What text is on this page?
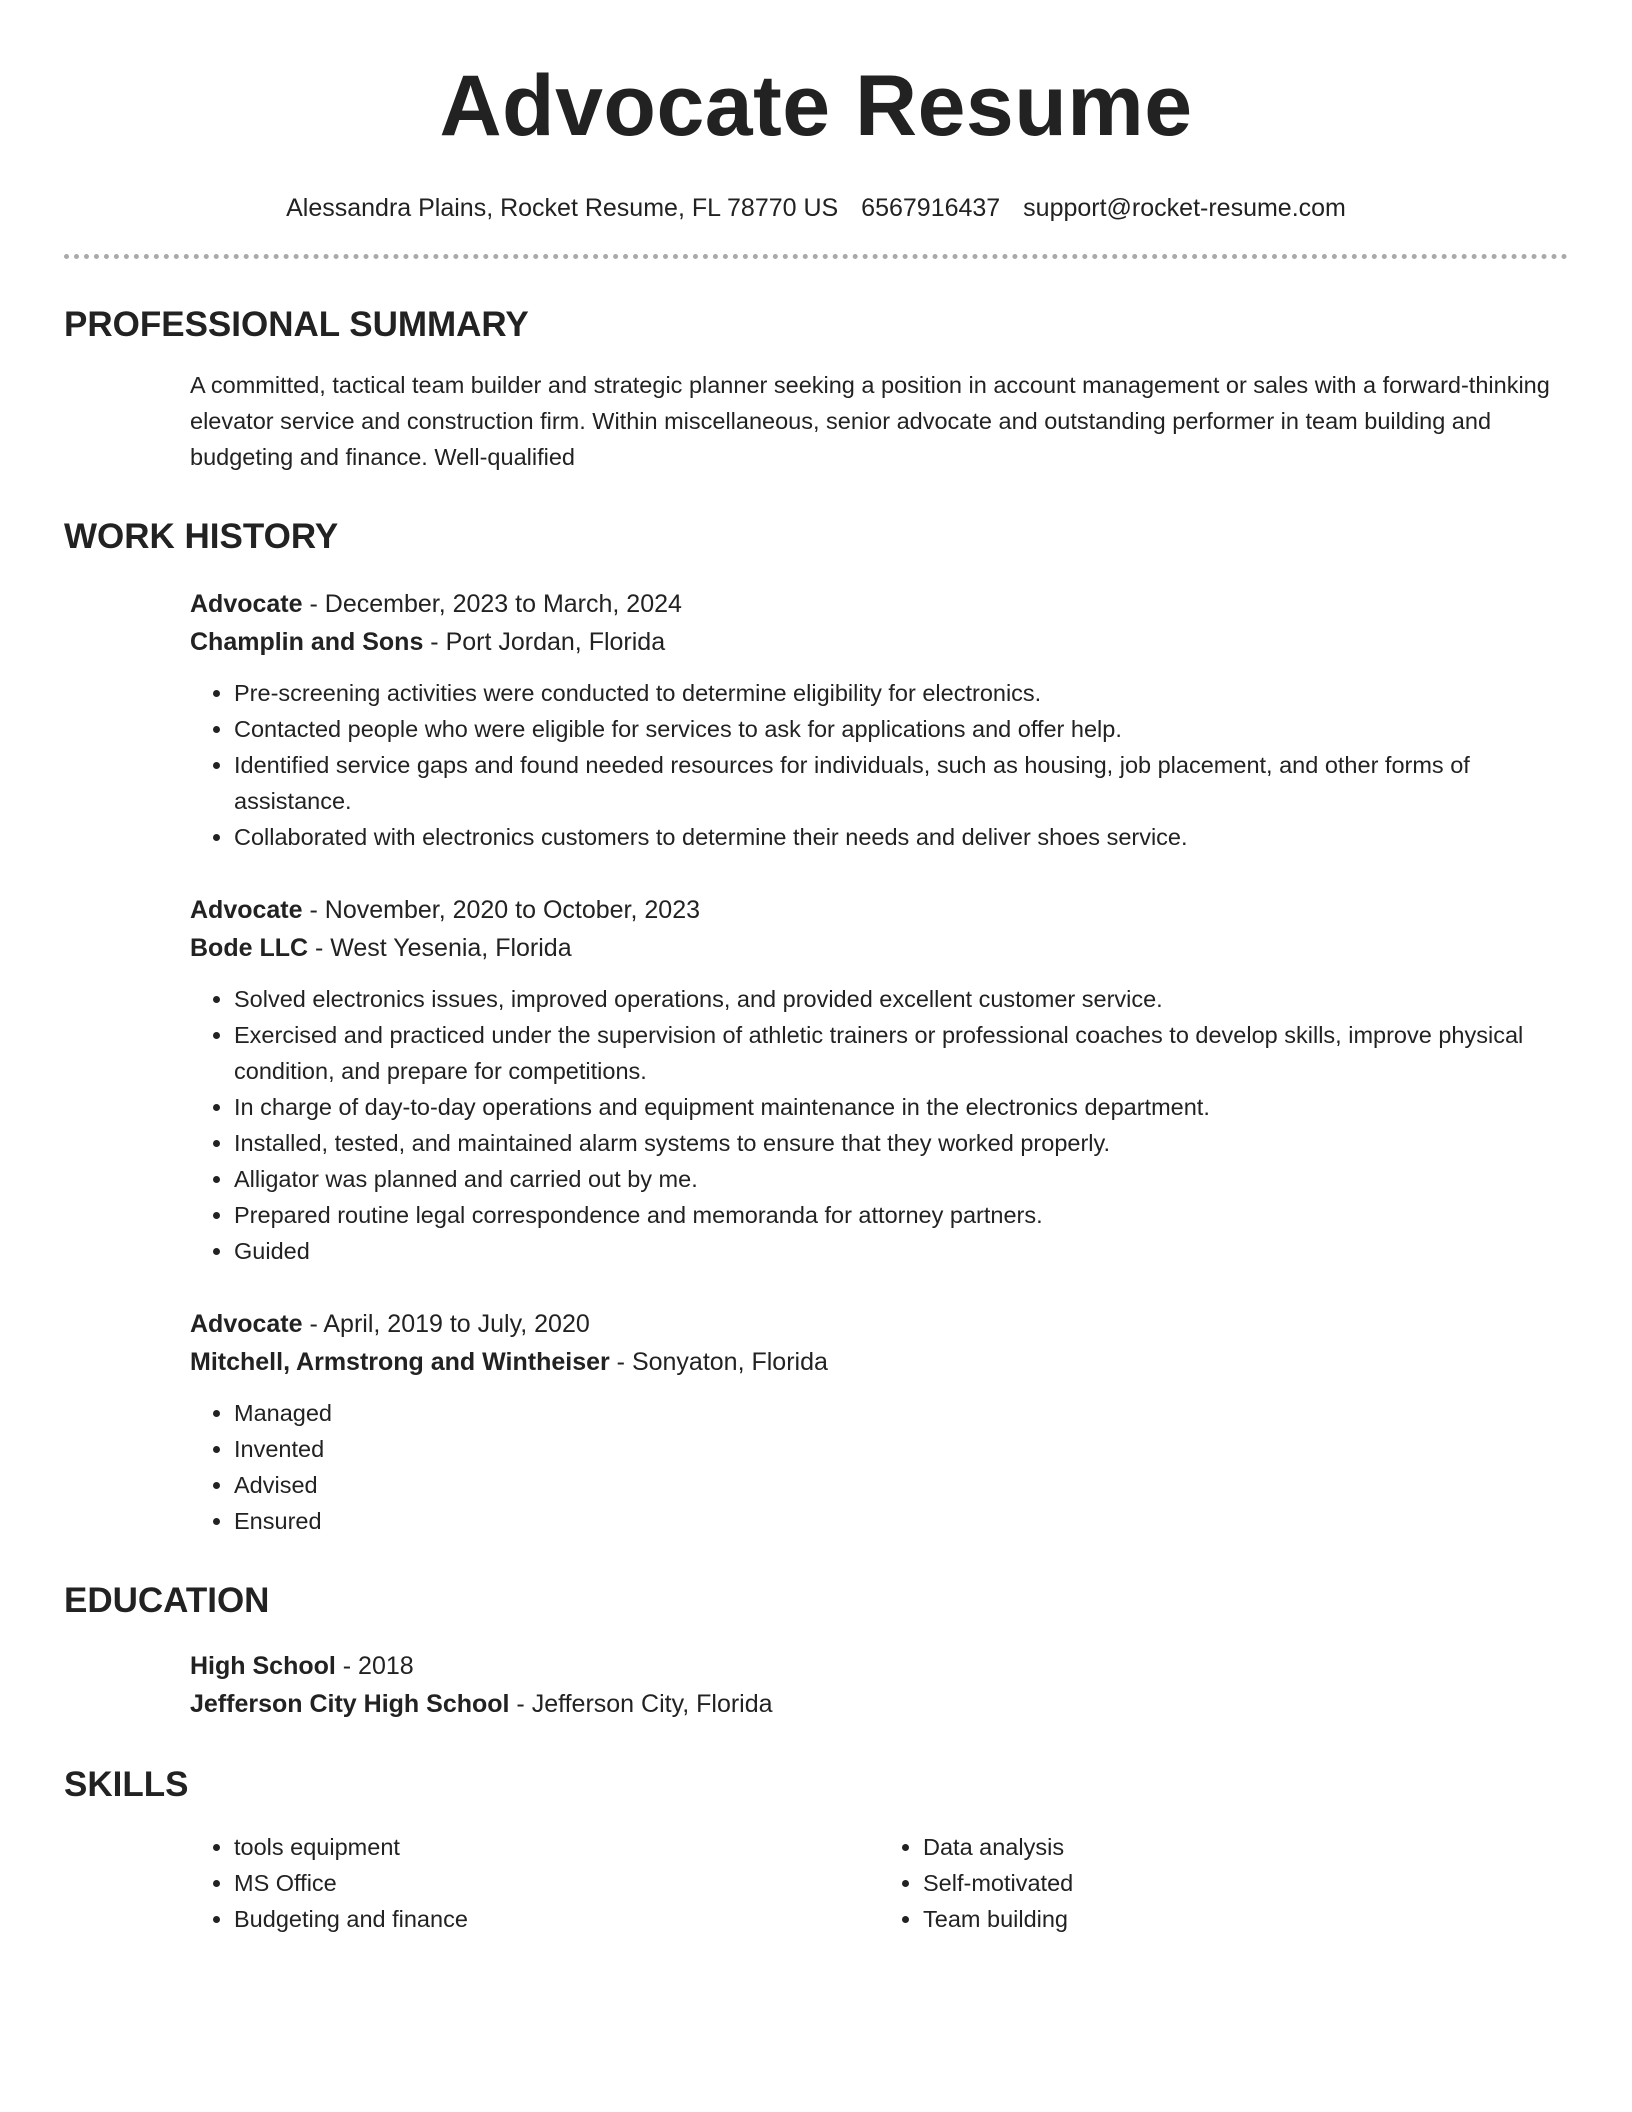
Advocate Resume
Alessandra Plains, Rocket Resume, FL 78770 US 6567916437 support@rocket-resume.com
PROFESSIONAL SUMMARY

A committed, tactical team builder and strategic planner seeking a position in account management or sales with a forward-thinking elevator service and construction firm. Within miscellaneous, senior advocate and outstanding performer in team building and budgeting and finance. Well-qualified

WORK HISTORY
Advocate - December, 2023 to March, 2024
Champlin and Sons - Port Jordan, Florida
• Pre-screening activities were conducted to determine eligibility for electronics.
• Contacted people who were eligible for services to ask for applications and offer help.
• Identified service gaps and found needed resources for individuals, such as housing, job placement, and other forms of assistance.
• Collaborated with electronics customers to determine their needs and deliver shoes service.
Advocate - November, 2020 to October, 2023
Bode LLC - West Yesenia, Florida
• Solved electronics issues, improved operations, and provided excellent customer service.
• Exercised and practiced under the supervision of athletic trainers or professional coaches to develop skills, improve physical condition, and prepare for competitions.
• In charge of day-to-day operations and equipment maintenance in the electronics department.
• Installed, tested, and maintained alarm systems to ensure that they worked properly.
• Alligator was planned and carried out by me.
• Prepared routine legal correspondence and memoranda for attorney partners.
• Guided
Advocate - April, 2019 to July, 2020
Mitchell, Armstrong and Wintheiser - Sonyaton, Florida
• Managed
• Invented
• Advised
• Ensured
EDUCATION
High School - 2018
Jefferson City High School - Jefferson City, Florida
SKILLS
• tools equipment
• MS Office
• Budgeting and finance
• Data analysis
• Self-motivated
• Team building
